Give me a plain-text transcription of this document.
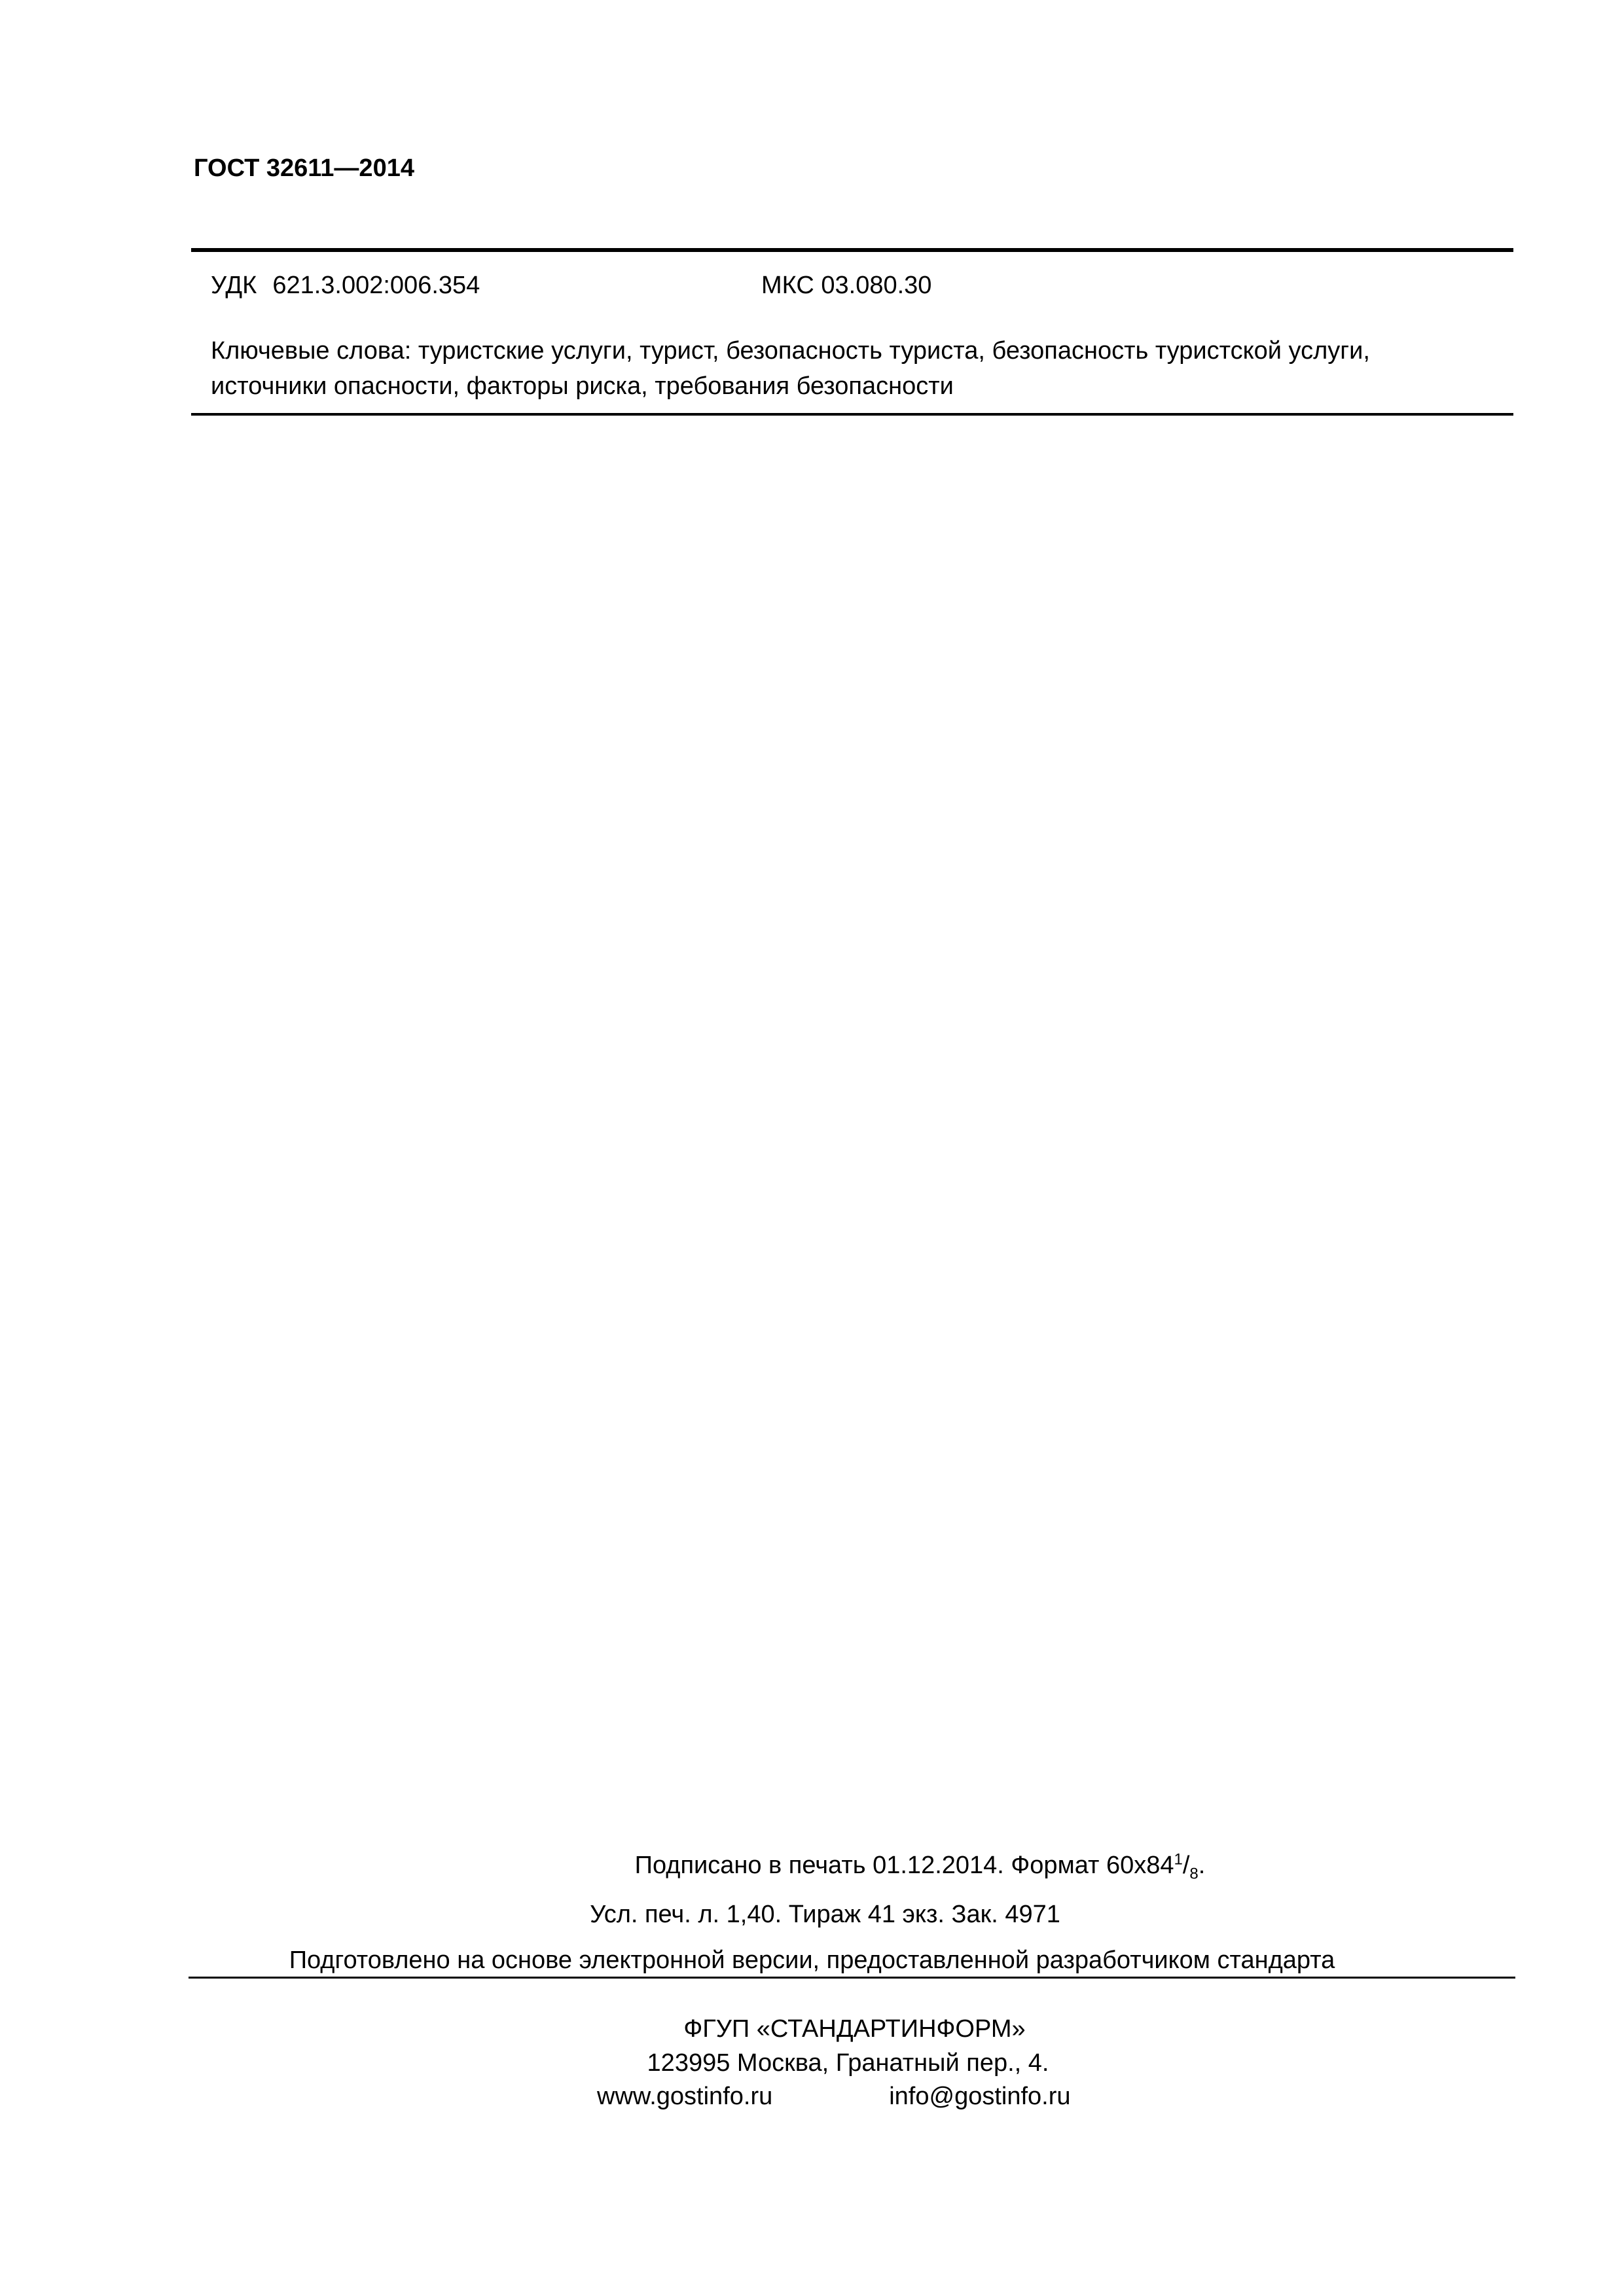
ГОСТ 32611—2014
УДК 621.3.002:006.354	МКС 03.080.30

Ключевые слова: туристские услуги, турист, безопасность туриста, безопасность туристской услуги,

источники опасности, факторы риска, требования безопасности

Подписано в печать 01.12.2014. Формат $60x84^1/_8$.
Усл. печ. л. 1,40. Тираж 41 экз. Зак. 4971
Подготовлено на основе электронной версии, предоставленной разработчиком стандарта
ФГУП «СТАНДАРТИНФОРМ»
123995 Москва, Гранатный пер., 4.
www.gostinfo.ru	info@gostinfo.ru
